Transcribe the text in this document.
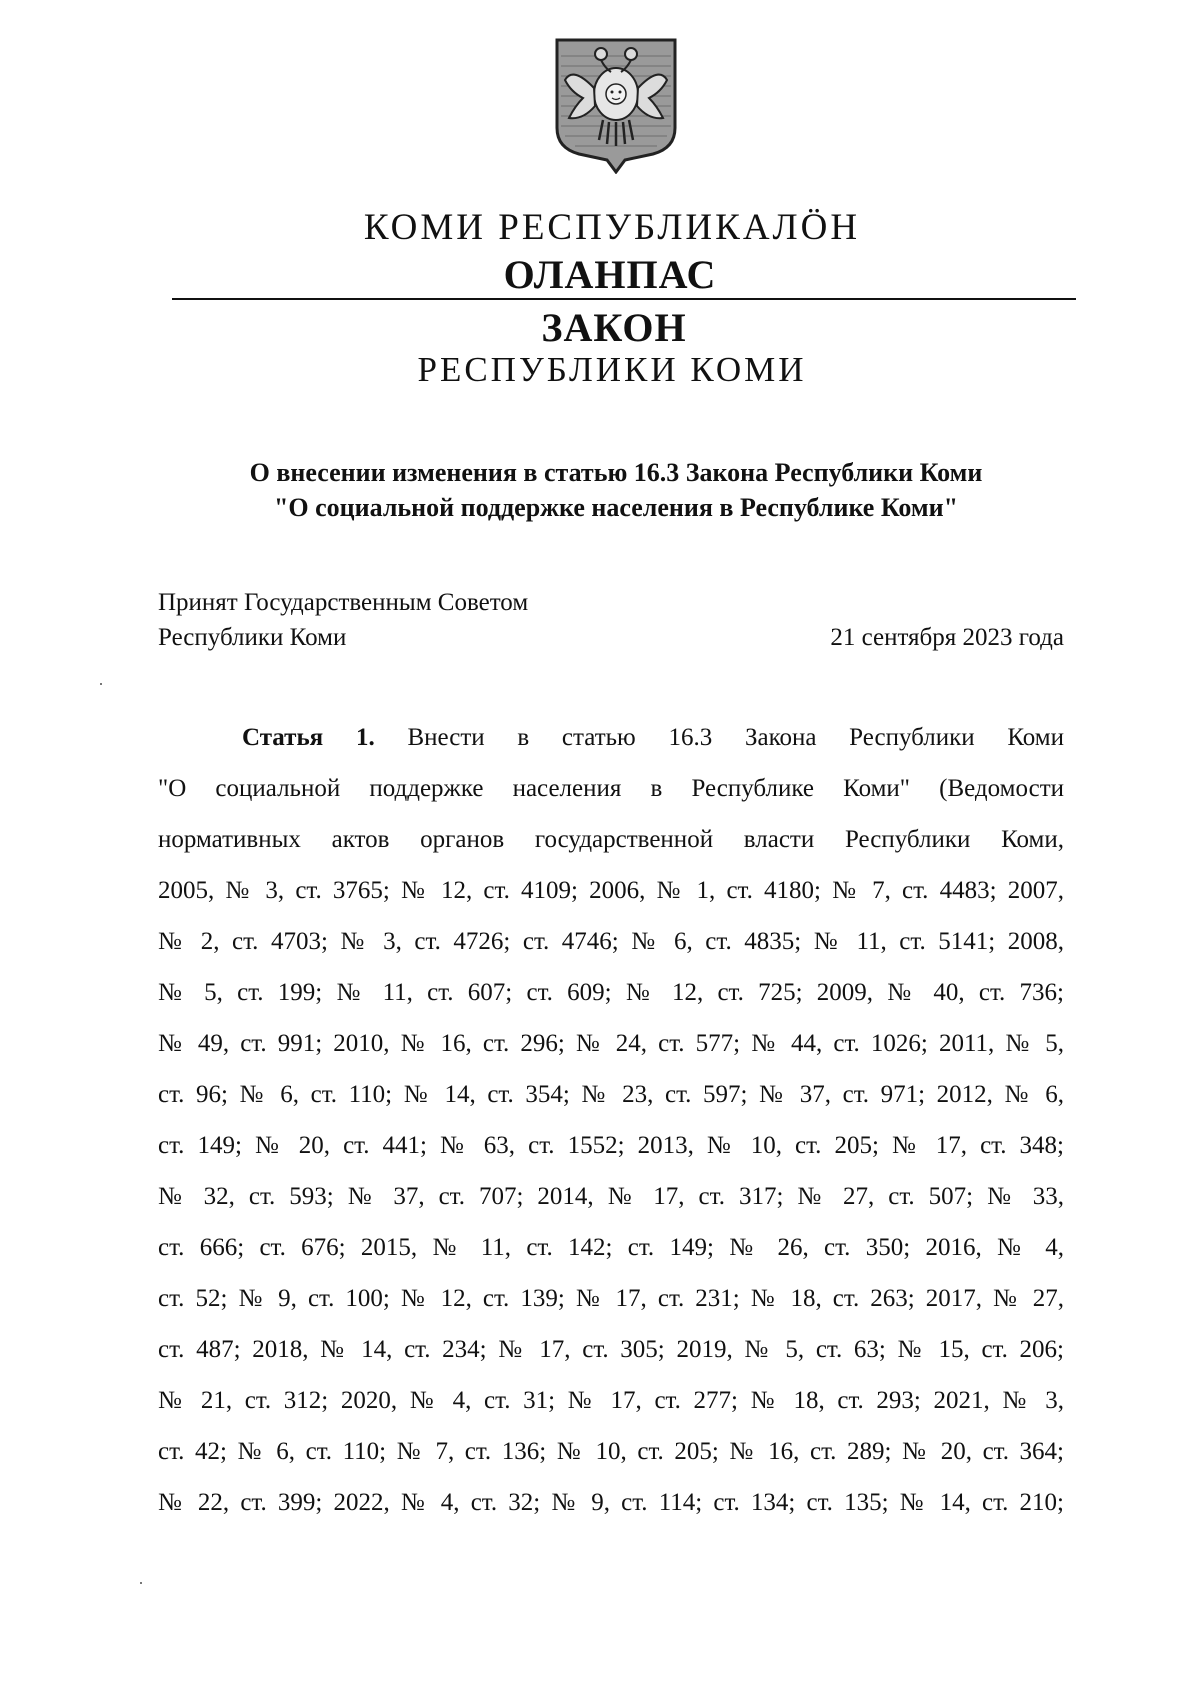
КОМИ РЕСПУБЛИКАЛӦН
ОЛАНПАС
ЗАКОН
РЕСПУБЛИКИ КОМИ
О внесении изменения в статью 16.3 Закона Республики Коми
"О социальной поддержке населения в Республике Коми"
Принят Государственным Советом
Республики Коми	21 сентября 2023 года
Статья 1. Внести в статью 16.3 Закона Республики Коми
"О социальной поддержке населения в Республике Коми" (Ведомости
нормативных актов органов государственной власти Республики Коми,
2005, № 3, ст. 3765; № 12, ст. 4109; 2006, № 1, ст. 4180; № 7, ст. 4483; 2007,
№ 2, ст. 4703; № 3, ст. 4726; ст. 4746; № 6, ст. 4835; № 11, ст. 5141; 2008,
№ 5, ст. 199; № 11, ст. 607; ст. 609; № 12, ст. 725; 2009, № 40, ст. 736;
№ 49, ст. 991; 2010, № 16, ст. 296; № 24, ст. 577; № 44, ст. 1026; 2011, № 5,
ст. 96; № 6, ст. 110; № 14, ст. 354; № 23, ст. 597; № 37, ст. 971; 2012, № 6,
ст. 149; № 20, ст. 441; № 63, ст. 1552; 2013, № 10, ст. 205; № 17, ст. 348;
№ 32, ст. 593; № 37, ст. 707; 2014, № 17, ст. 317; № 27, ст. 507; № 33,
ст. 666; ст. 676; 2015, № 11, ст. 142; ст. 149; № 26, ст. 350; 2016, № 4,
ст. 52; № 9, ст. 100; № 12, ст. 139; № 17, ст. 231; № 18, ст. 263; 2017, № 27,
ст. 487; 2018, № 14, ст. 234; № 17, ст. 305; 2019, № 5, ст. 63; № 15, ст. 206;
№ 21, ст. 312; 2020, № 4, ст. 31; № 17, ст. 277; № 18, ст. 293; 2021, № 3,
ст. 42; № 6, ст. 110; № 7, ст. 136; № 10, ст. 205; № 16, ст. 289; № 20, ст. 364;
№ 22, ст. 399; 2022, № 4, ст. 32; № 9, ст. 114; ст. 134; ст. 135; № 14, ст. 210;
